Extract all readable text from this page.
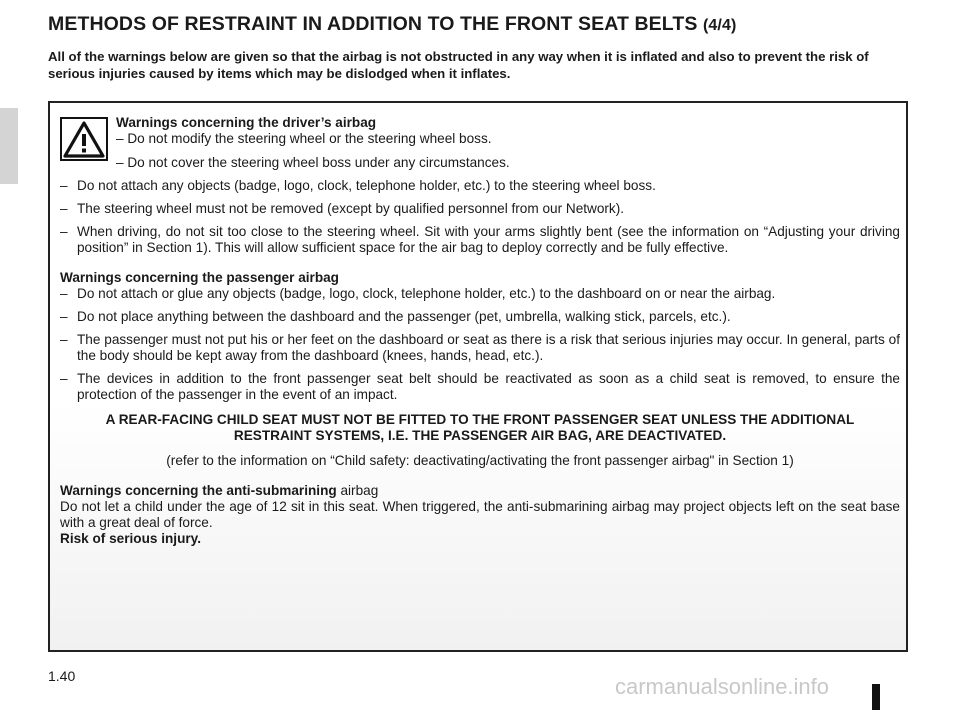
METHODS OF RESTRAINT IN ADDITION TO THE FRONT SEAT BELTS (4/4)

All of the warnings below are given so that the airbag is not obstructed in any way when it is inflated and also to prevent the risk of serious injuries caused by items which may be dislodged when it inflates.

Warnings concerning the driver’s airbag

– Do not modify the steering wheel or the steering wheel boss.

– Do not cover the steering wheel boss under any circumstances.

– Do not attach any objects (badge, logo, clock, telephone holder, etc.) to the steering wheel boss.
– The steering wheel must not be removed (except by qualified personnel from our Network).
– When driving, do not sit too close to the steering wheel. Sit with your arms slightly bent (see the information on “Adjusting your driving position” in Section 1). This will allow sufficient space for the air bag to deploy correctly and be fully effective.

Warnings concerning the passenger airbag

– Do not attach or glue any objects (badge, logo, clock, telephone holder, etc.) to the dashboard on or near the airbag.
– Do not place anything between the dashboard and the passenger (pet, umbrella, walking stick, parcels, etc.).
– The passenger must not put his or her feet on the dashboard or seat as there is a risk that serious injuries may occur. In general, parts of the body should be kept away from the dashboard (knees, hands, head, etc.).
– The devices in addition to the front passenger seat belt should be reactivated as soon as a child seat is removed, to ensure the protection of the passenger in the event of an impact.

A REAR-FACING CHILD SEAT MUST NOT BE FITTED TO THE FRONT PASSENGER SEAT UNLESS THE ADDITIONAL RESTRAINT SYSTEMS, I.E. THE PASSENGER AIR BAG, ARE DEACTIVATED.

(refer to the information on “Child safety: deactivating/activating the front passenger airbag" in Section 1)

Warnings concerning the anti-submarining airbag

Do not let a child under the age of 12 sit in this seat. When triggered, the anti-submarining airbag may project objects left on the seat base with a great deal of force.

Risk of serious injury.

1.40	carmanualsonline.info
